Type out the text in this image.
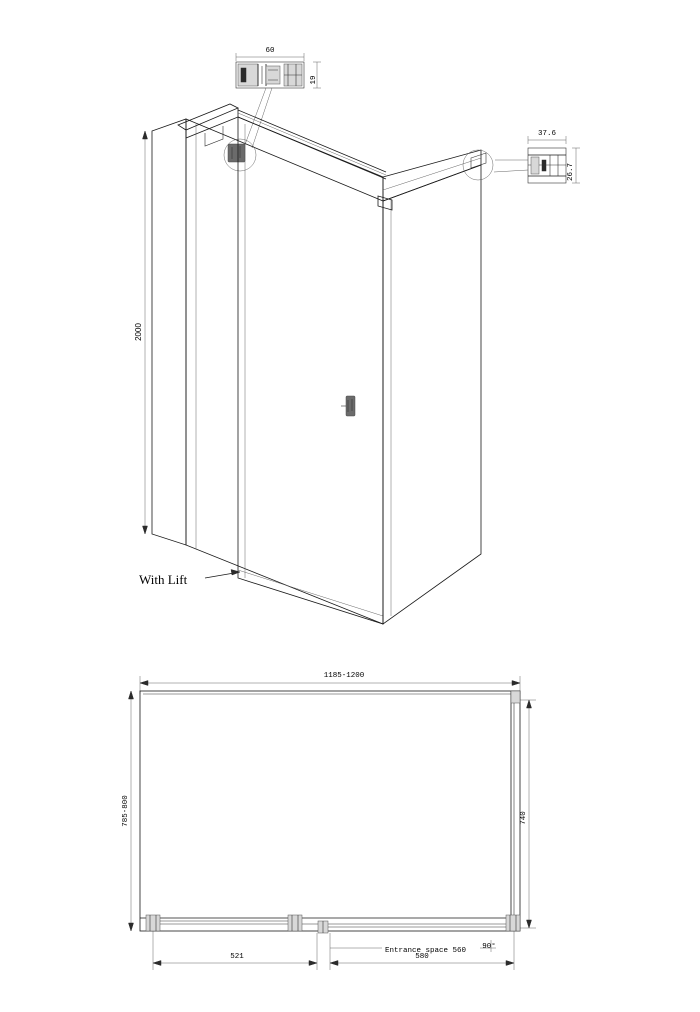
60
19
37.6
26.7
2000
With Lift
1185-1200
785-800	740
Entrance space 560 90°
521	580
